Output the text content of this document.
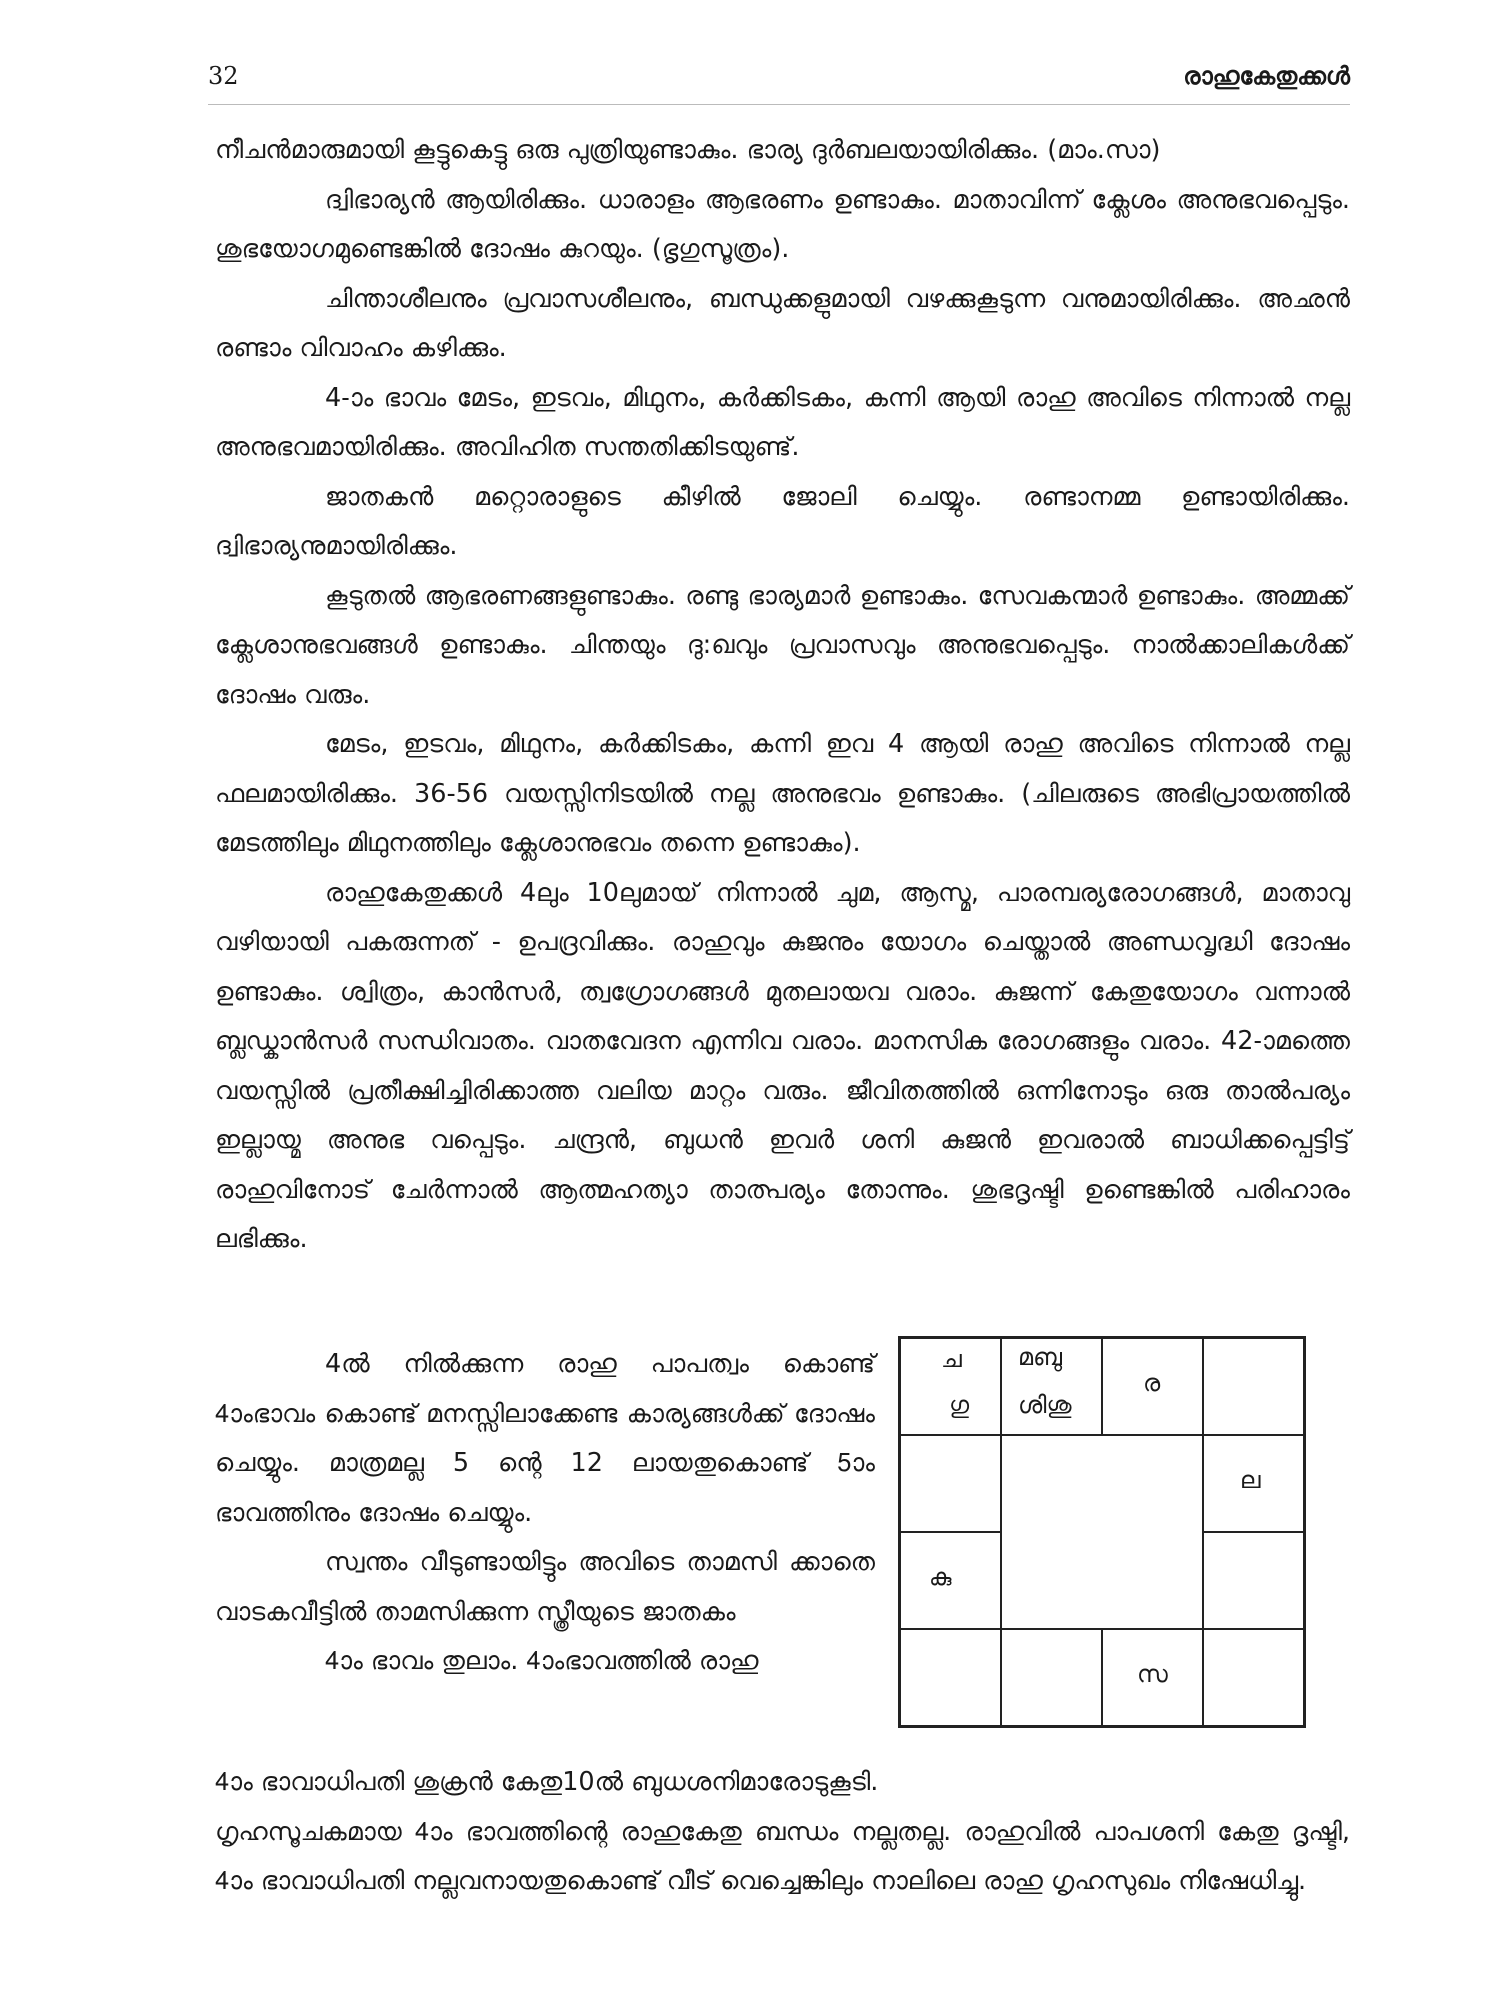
32	രാഹുകേതുക്കൾ

നീചൻമാരുമായി കൂട്ടുകെട്ടു ഒരു പുത്രിയുണ്ടാകും. ഭാര്യ ദുർബലയായിരിക്കും. (മാം.സാ)

ദ്വിഭാര്യൻ ആയിരിക്കും. ധാരാളം ആഭരണം ഉണ്ടാകും. മാതാവിന്ന് ക്ലേശം അനുഭവപ്പെടും. ശുഭയോഗമുണ്ടെങ്കിൽ ദോഷം കുറയും. (ഭൃഗുസൂത്രം).

ചിന്താശീലനും പ്രവാസശീലനും, ബന്ധുക്കളുമായി വഴക്കുകൂടുന്ന വനുമായിരിക്കും. അഛൻ രണ്ടാം വിവാഹം കഴിക്കും.

4-ാം ഭാവം മേടം, ഇടവം, മിഥുനം, കർക്കിടകം, കന്നി ആയി രാഹു അവിടെ നിന്നാൽ നല്ല അനുഭവമായിരിക്കും. അവിഹിത സന്തതിക്കിടയുണ്ട്.

ജാതകൻ മറ്റൊരാളുടെ കീഴിൽ ജോലി ചെയ്യും. രണ്ടാനമ്മ ഉണ്ടായിരിക്കും. ദ്വിഭാര്യനുമായിരിക്കും.

കൂടുതൽ ആഭരണങ്ങളുണ്ടാകും. രണ്ടു ഭാര്യമാർ ഉണ്ടാകും. സേവകന്മാർ ഉണ്ടാകും. അമ്മക്ക് ക്ലേശാനുഭവങ്ങൾ ഉണ്ടാകും. ചിന്തയും ദു:ഖവും പ്രവാസവും അനുഭവപ്പെടും. നാൽക്കാലികൾക്ക് ദോഷം വരും.

മേടം, ഇടവം, മിഥുനം, കർക്കിടകം, കന്നി ഇവ 4 ആയി രാഹു അവിടെ നിന്നാൽ നല്ല ഫലമായിരിക്കും. 36-56 വയസ്സിനിടയിൽ നല്ല അനുഭവം ഉണ്ടാകും. (ചിലരുടെ അഭിപ്രായത്തിൽ മേടത്തിലും മിഥുനത്തിലും ക്ലേശാനുഭവം തന്നെ ഉണ്ടാകും).

രാഹുകേതുക്കൾ 4ലും 10ലുമായ് നിന്നാൽ ചുമ, ആസ്മ, പാരമ്പര്യരോഗങ്ങൾ, മാതാവു വഴിയായി പകരുന്നത് - ഉപദ്രവിക്കും. രാഹുവും കുജനും യോഗം ചെയ്താൽ അണ്ഡവൃദ്ധി ദോഷം ഉണ്ടാകും. ശ്വിത്രം, കാൻസർ, ത്വഗ്രോഗങ്ങൾ മുതലായവ വരാം. കുജന്ന് കേതുയോഗം വന്നാൽ ബ്ലഡ്കാൻസർ സന്ധിവാതം. വാതവേദന എന്നിവ വരാം. മാനസിക രോഗങ്ങളും വരാം. 42-ാമത്തെ വയസ്സിൽ പ്രതീക്ഷിച്ചിരിക്കാത്ത വലിയ മാറ്റം വരും. ജീവിതത്തിൽ ഒന്നിനോടും ഒരു താൽപര്യം ഇല്ലായ്മ അനുഭ വപ്പെടും. ചന്ദ്രൻ, ബുധൻ ഇവർ ശനി കുജൻ ഇവരാൽ ബാധിക്കപ്പെട്ടിട്ട് രാഹുവിനോട് ചേർന്നാൽ ആത്മഹത്യാ താത്പര്യം തോന്നും. ശുഭദൃഷ്ടി ഉണ്ടെങ്കിൽ പരിഹാരം ലഭിക്കും.

4ൽ നിൽക്കുന്ന രാഹു പാപത്വം കൊണ്ട് 4ാംഭാവം കൊണ്ട് മനസ്സിലാക്കേണ്ട കാര്യങ്ങൾക്ക് ദോഷം ചെയ്യും. മാത്രമല്ല 5 ന്റെ 12 ലായതുകൊണ്ട് 5ാം ഭാവത്തിനും ദോഷം ചെയ്യും.

സ്വന്തം വീടുണ്ടായിട്ടും അവിടെ താമസി ക്കാതെ വാടകവീട്ടിൽ താമസിക്കുന്ന സ്ത്രീയുടെ ജാതകം

4ാം ഭാവം തുലാം. 4ാംഭാവത്തിൽ രാഹു

ച
ഗു
മബു
ശിശു
ര
ല
കു
സ

4ാം ഭാവാധിപതി ശുക്രൻ കേതു10ൽ ബുധശനിമാരോടുകൂടി.

ഗൃഹസൂചകമായ 4ാം ഭാവത്തിന്റെ രാഹുകേതു ബന്ധം നല്ലതല്ല. രാഹുവിൽ പാപശനി കേതു ദൃഷ്ടി, 4ാം ഭാവാധിപതി നല്ലവനായതുകൊണ്ട് വീട് വെച്ചെങ്കിലും നാലിലെ രാഹു ഗൃഹസുഖം നിഷേധിച്ചു.
